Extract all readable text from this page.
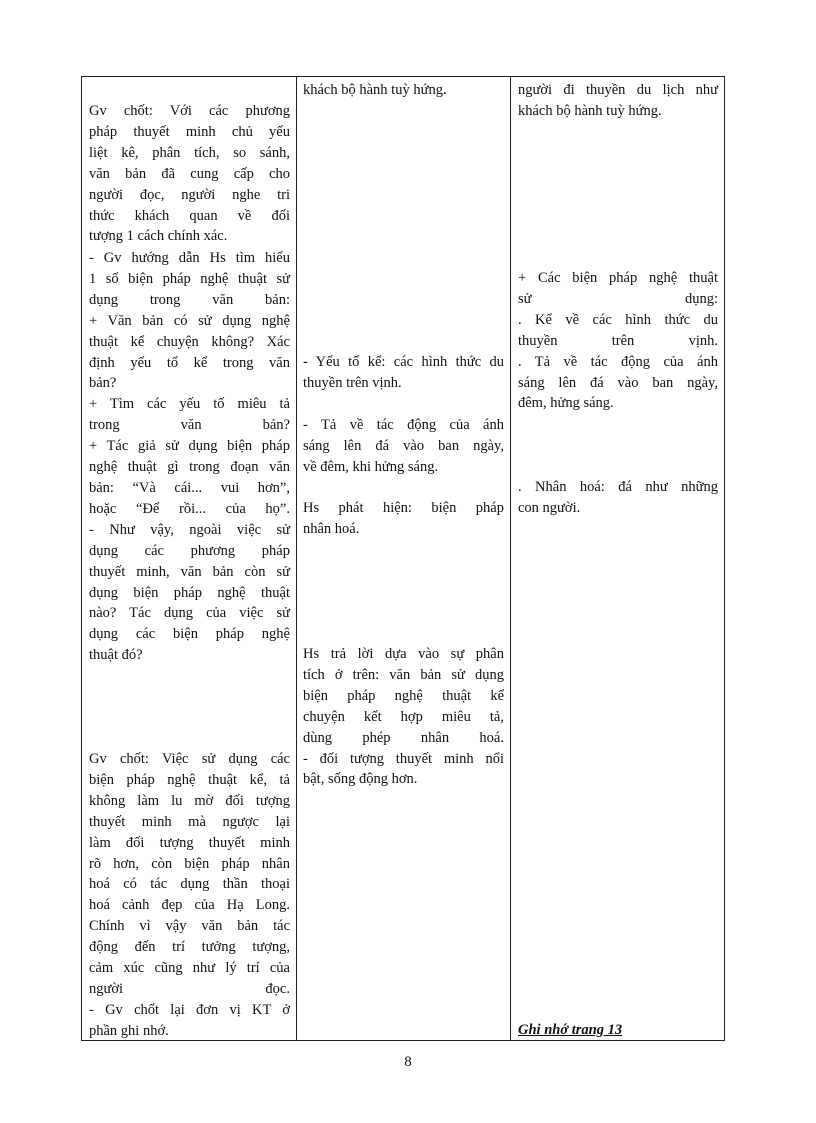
Gv chốt: Với các phương
pháp thuyết minh chủ yếu
liệt kê, phân tích, so sánh,
văn bản đã cung cấp cho
người đọc, người nghe tri
thức khách quan về đối
tượng 1 cách chính xác.
- Gv hướng dẫn Hs tìm hiểu
1 số biện pháp nghệ thuật sử
dụng trong văn bản:
+ Văn bản có sử dụng nghệ
thuật kể chuyện không? Xác
định yếu tố kể trong văn
bản?
+ Tìm các yếu tố miêu tả
trong văn bản?
+ Tác giả sử dụng biện pháp
nghệ thuật gì trong đoạn văn
bản: “Và cái... vui hơn”,
hoặc “Để rồi... của họ”.
- Như vậy, ngoài việc sử
dụng các phương pháp
thuyết minh, văn bản còn sử
dụng biện pháp nghệ thuật
nào? Tác dụng của việc sử
dụng các biện pháp nghệ
thuật đó?
Gv chốt: Việc sử dụng các
biện pháp nghệ thuật kể, tả
không làm lu mờ đối tượng
thuyết minh mà ngược lại
làm đối tượng thuyết minh
rõ hơn, còn biện pháp nhân
hoá có tác dụng thần thoại
hoá cảnh đẹp của Hạ Long.
Chính vì vậy văn bản tác
động đến trí tưởng tượng,
cảm xúc cũng như lý trí của
người đọc.
- Gv chốt lại đơn vị KT ở
phần ghi nhớ.
khách bộ hành tuỳ hứng.
- Yếu tố kể: các hình thức du
thuyền trên vịnh.
- Tả về tác động của ánh
sáng lên đá vào ban ngày,
về đêm, khi hửng sáng.
Hs phát hiện: biện pháp
nhân hoá.
Hs trả lời dựa vào sự phân
tích ở trên: văn bản sử dụng
biện pháp nghệ thuật kể
chuyện kết hợp miêu tả,
dùng phép nhân hoá.
- đối tượng thuyết minh nổi
bật, sống động hơn.
người đi thuyền du lịch như
khách bộ hành tuỳ hứng.
+ Các biện pháp nghệ thuật
sử dụng:
. Kể về các hình thức du
thuyền trên vịnh.
. Tả về tác động của ánh
sáng lên đá vào ban ngày,
đêm, hửng sáng.
. Nhân hoá: đá như những
con người.
Ghi nhớ trang 13
8
